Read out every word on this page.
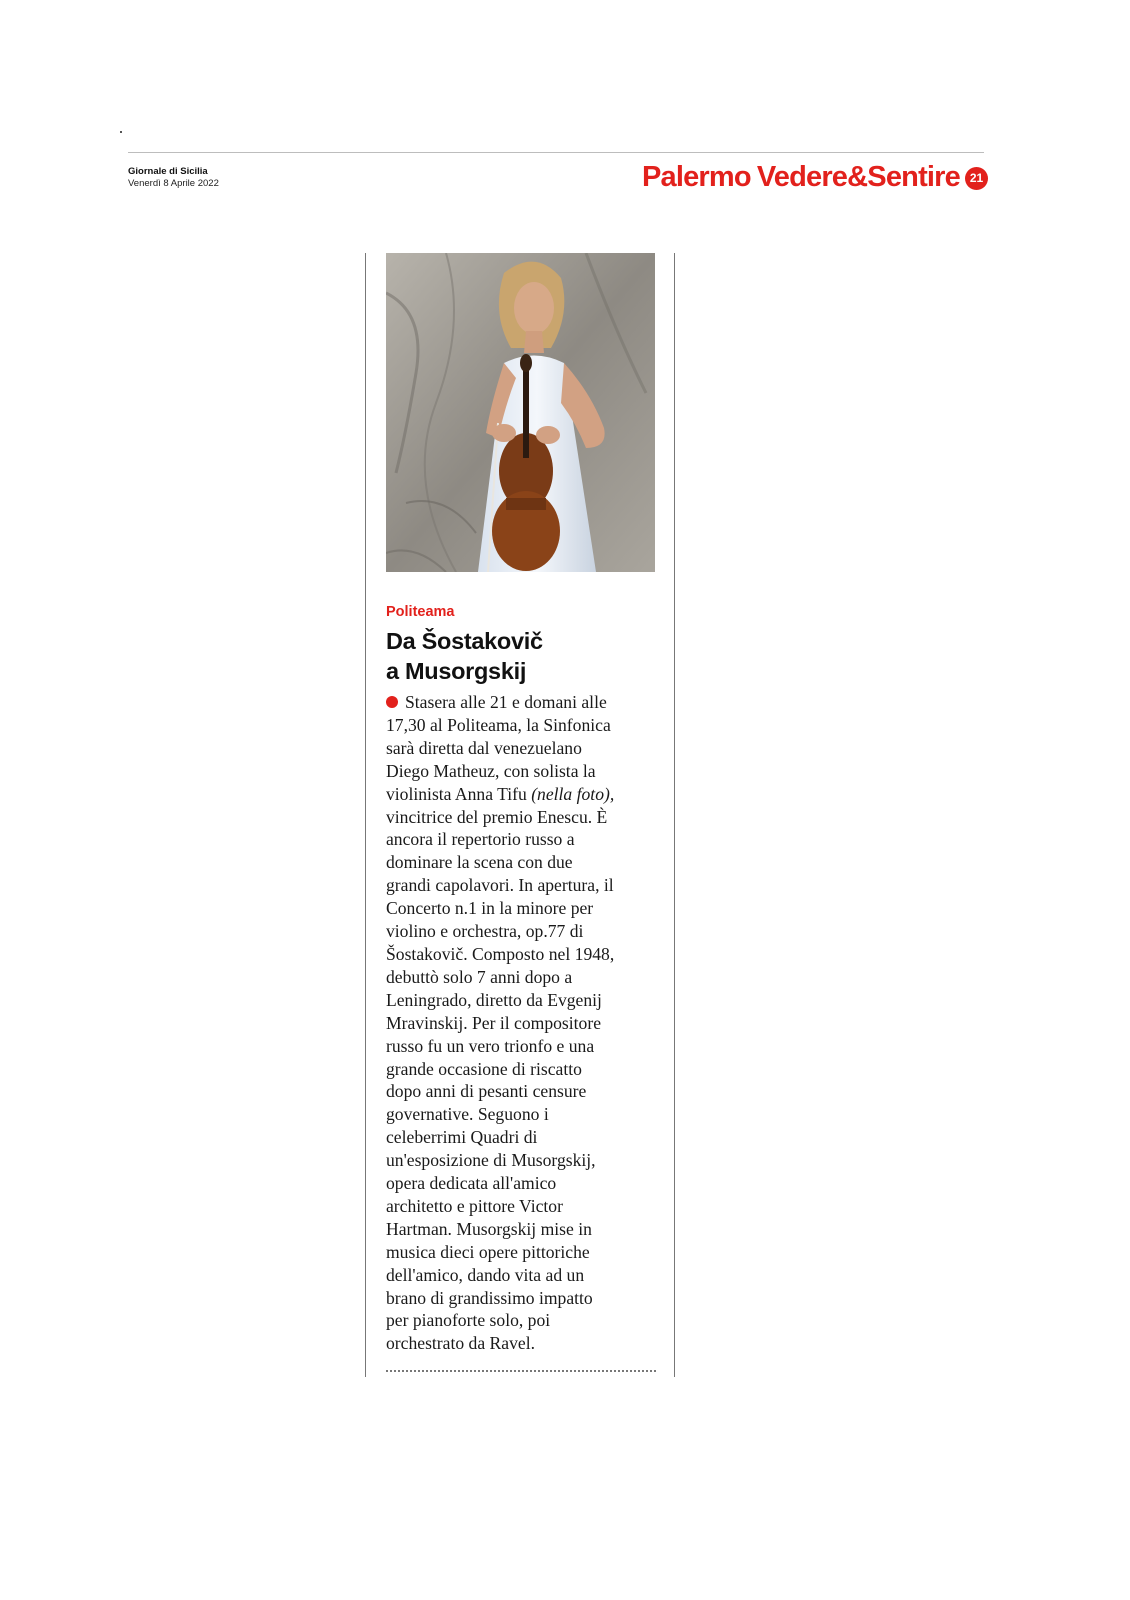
Giornale di Sicilia
Venerdì 8 Aprile 2022	Palermo Vedere&Sentire 21
Politeama
Da Šostakovič
a Musorgskij
Stasera alle 21 e domani alle
17,30 al Politeama, la Sinfonica
sarà diretta dal venezuelano
Diego Matheuz, con solista la
violinista Anna Tifu (nella foto),
vincitrice del premio Enescu. È
ancora il repertorio russo a
dominare la scena con due
grandi capolavori. In apertura, il
Concerto n.1 in la minore per
violino e orchestra, op.77 di
Šostakovič. Composto nel 1948,
debuttò solo 7 anni dopo a
Leningrado, diretto da Evgenij
Mravinskij. Per il compositore
russo fu un vero trionfo e una
grande occasione di riscatto
dopo anni di pesanti censure
governative. Seguono i
celeberrimi Quadri di
un'esposizione di Musorgskij,
opera dedicata all'amico
architetto e pittore Victor
Hartman. Musorgskij mise in
musica dieci opere pittoriche
dell'amico, dando vita ad un
brano di grandissimo impatto
per pianoforte solo, poi
orchestrato da Ravel.
